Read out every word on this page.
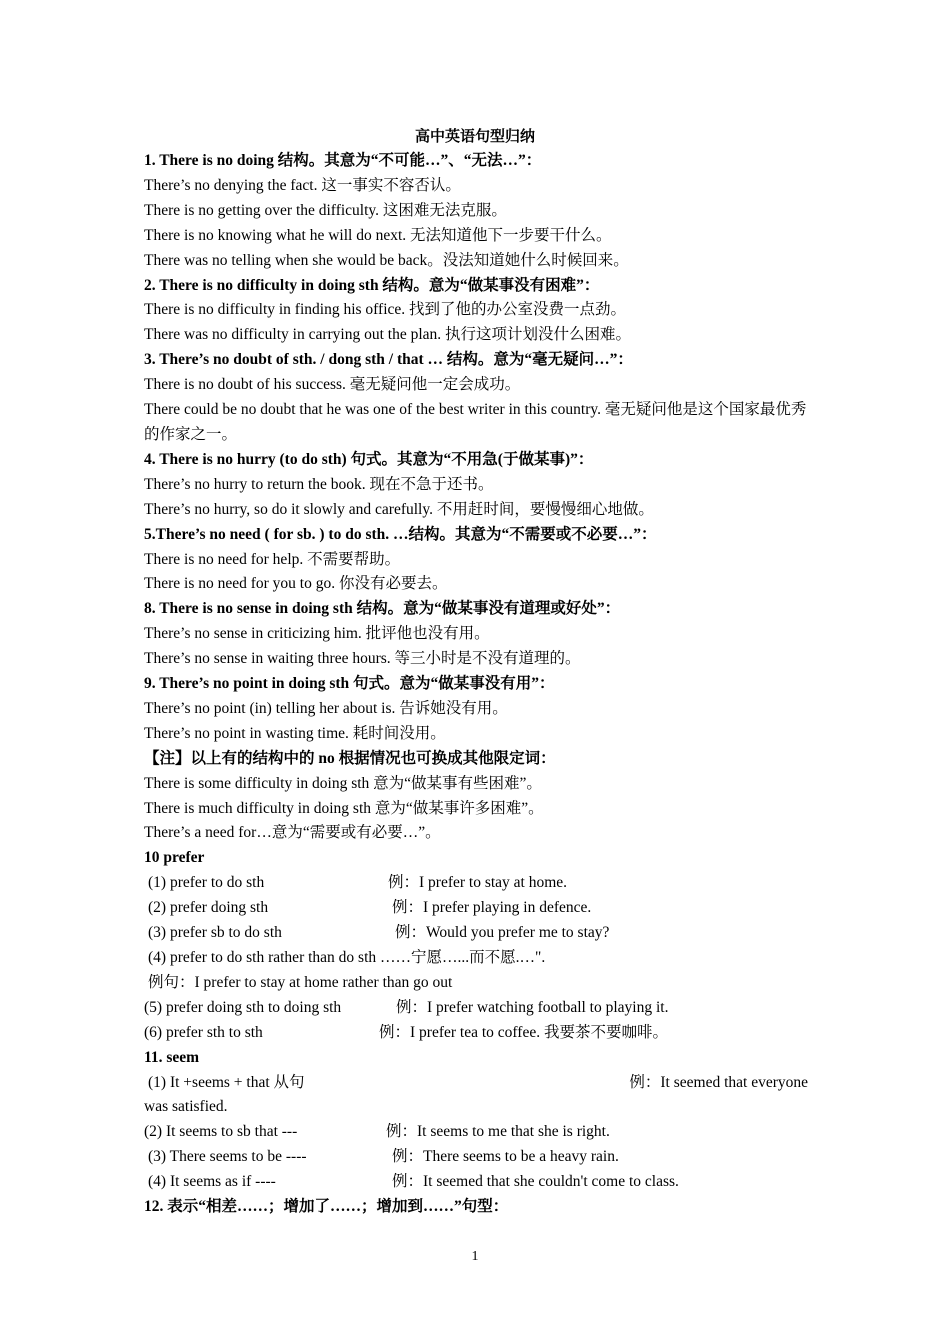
高中英语句型归纳
1. There is no doing 结构。其意为“不可能…”、“无法…”：
There’s no denying the fact. 这一事实不容否认。
There is no getting over the difficulty. 这困难无法克服。
There is no knowing what he will do next. 无法知道他下一步要干什么。
There was no telling when she would be back。没法知道她什么时候回来。
2. There is no difficulty in doing sth 结构。意为“做某事没有困难”：
There is no difficulty in finding his office. 找到了他的办公室没费一点劲。
There was no difficulty in carrying out the plan. 执行这项计划没什么困难。
3. There’s no doubt of sth. / dong sth / that … 结构。意为“毫无疑问…”：
There is no doubt of his success. 毫无疑问他一定会成功。
There could be no doubt that he was one of the best writer in this country. 毫无疑问他是这个国家最优秀的作家之一。
4. There is no hurry (to do sth) 句式。其意为“不用急(于做某事)”：
There’s no hurry to return the book. 现在不急于还书。
There’s no hurry, so do it slowly and carefully. 不用赶时间，要慢慢细心地做。
5.There’s no need ( for sb. ) to do sth. …结构。其意为“不需要或不必要…”：
There is no need for help. 不需要帮助。
There is no need for you to go. 你没有必要去。
8. There is no sense in doing sth 结构。意为“做某事没有道理或好处”：
There’s no sense in criticizing him. 批评他也没有用。
There’s no sense in waiting three hours. 等三小时是不没有道理的。
9. There’s no point in doing sth 句式。意为“做某事没有用”：
There’s no point (in) telling her about is. 告诉她没有用。
There’s no point in wasting time. 耗时间没用。
【注】以上有的结构中的 no 根据情况也可换成其他限定词：
There is some difficulty in doing sth 意为“做某事有些困难”。
There is much difficulty in doing sth 意为“做某事许多困难”。
There’s a need for…意为“需要或有必要…”。
10 prefer
(1) prefer to do sth	例：I prefer to stay at home.
(2) prefer doing sth	例：I prefer playing in defence.
(3) prefer sb to do sth	例：Would you prefer me to stay?
(4) prefer to do sth rather than do sth ……宁愿…...而不愿.…".
例句：I prefer to stay at home rather than go out
(5) prefer doing sth to doing sth	例：I prefer watching football to playing it.
(6) prefer sth to sth	例：I prefer tea to coffee. 我要茶不要咖啡。
11. seem
(1) It +seems + that 从句	例：It seemed that everyone
was satisfied.
(2) It seems to sb that ---	例：It seems to me that she is right.
(3) There seems to be ----	例：There seems to be a heavy rain.
(4) It seems as if ----	例：It seemed that she couldn't come to class.
12. 表示“相差……；增加了……；增加到……”句型：
1
